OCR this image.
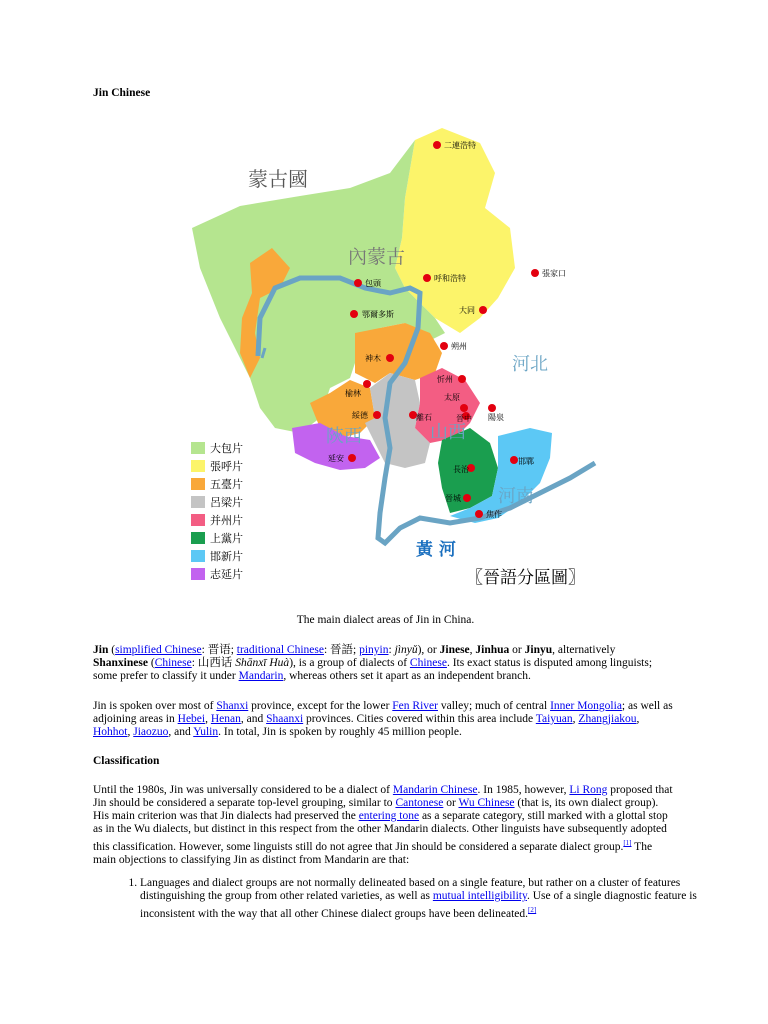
Jin Chinese
蒙古國
內蒙古
河北
陝西	山西
河南
黃 河
〖晉語分區圖〗
二連浩特
呼和浩特
張家口
包頭
大同
鄂爾多斯
朔州
神木
忻州
太原
陽泉
榆林
離石
綏德	晉中
延安
長治
邯鄲
晉城
焦作
大包片
張呼片
五臺片
呂梁片
并州片
上黨片
邯新片
志延片
The main dialect areas of Jin in China.

Jin (simplified Chinese: 晋语; traditional Chinese: 晉語; pinyin: jìnyǔ), or Jinese, Jinhua or Jinyu, alternatively Shanxinese (Chinese: 山西话 Shānxī Huà), is a group of dialects of Chinese. Its exact status is disputed among linguists; some prefer to classify it under Mandarin, whereas others set it apart as an independent branch.

Jin is spoken over most of Shanxi province, except for the lower Fen River valley; much of central Inner Mongolia; as well as adjoining areas in Hebei, Henan, and Shaanxi provinces. Cities covered within this area include Taiyuan, Zhangjiakou, Hohhot, Jiaozuo, and Yulin. In total, Jin is spoken by roughly 45 million people.

Classification

Until the 1980s, Jin was universally considered to be a dialect of Mandarin Chinese. In 1985, however, Li Rong proposed that Jin should be considered a separate top-level grouping, similar to Cantonese or Wu Chinese (that is, its own dialect group). His main criterion was that Jin dialects had preserved the entering tone as a separate category, still marked with a glottal stop as in the Wu dialects, but distinct in this respect from the other Mandarin dialects. Other linguists have subsequently adopted this classification. However, some linguists still do not agree that Jin should be considered a separate dialect group.[1] The main objections to classifying Jin as distinct from Mandarin are that:

1. Languages and dialect groups are not normally delineated based on a single feature, but rather on a cluster of features distinguishing the group from other related varieties, as well as mutual intelligibility. Use of a single diagnostic feature is inconsistent with the way that all other Chinese dialect groups have been delineated.[2]
